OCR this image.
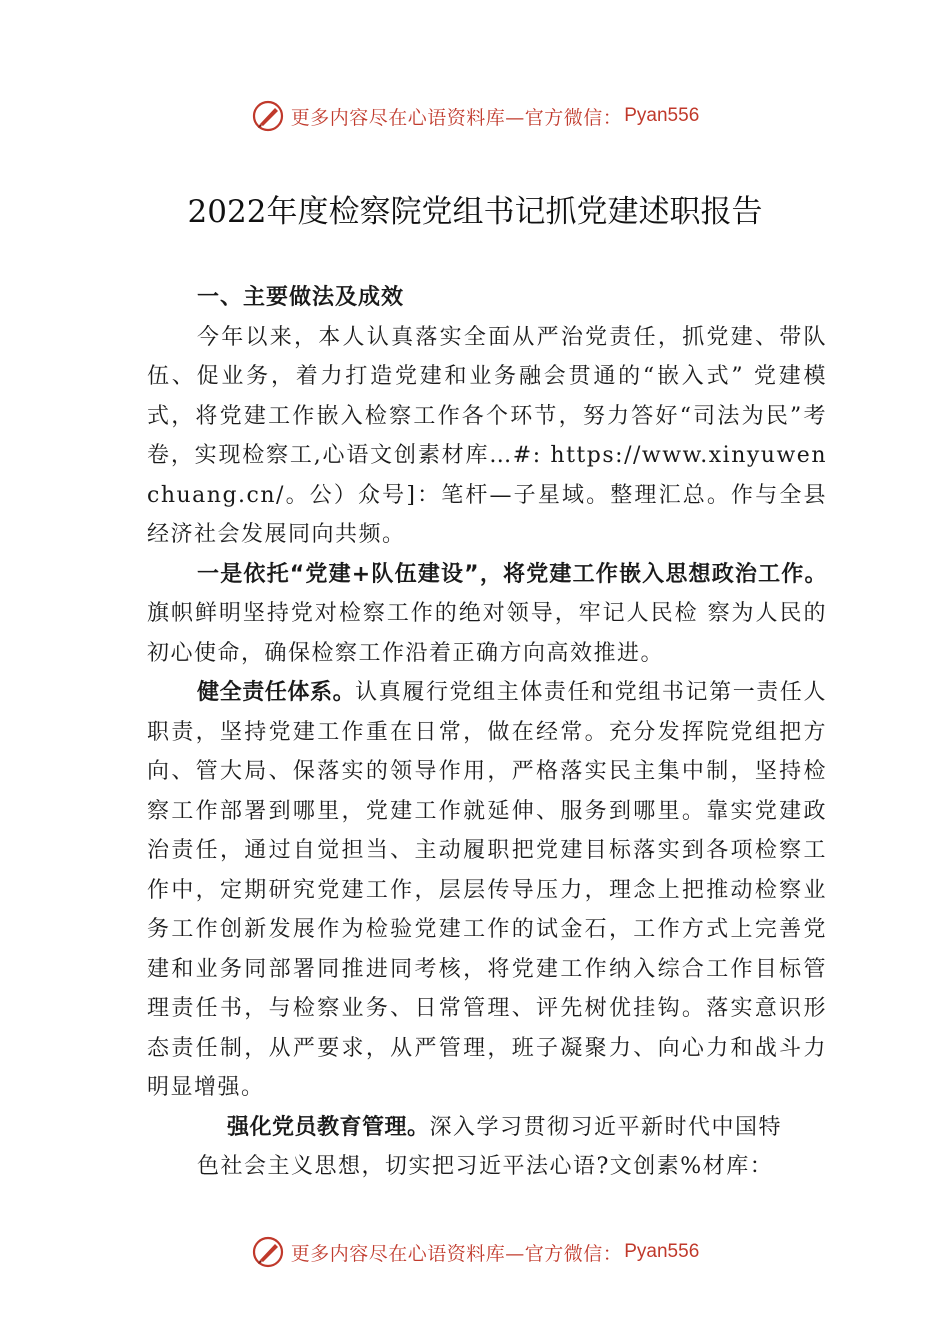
更多内容尽在心语资料库—官方微信： Pyan556
2022年度检察院党组书记抓党建述职报告

一、主要做法及成效

今年以来，本人认真落实全面从严治党责任，抓党建、带队伍、促业务，着力打造党建和业务融会贯通的“嵌入式” 党建模式，将党建工作嵌入检察工作各个环节，努力答好“司法为民”考卷，实现检察工,心语文创素材库…#: https://www.xinyuwenchuang.cn/。公）众号]：笔杆—子星域。整理汇总。作与全县经济社会发展同向共频。

一是依托“党建+队伍建设”，将党建工作嵌入思想政治工作。旗帜鲜明坚持党对检察工作的绝对领导，牢记人民检 察为人民的初心使命，确保检察工作沿着正确方向高效推进。

健全责任体系。认真履行党组主体责任和党组书记第一责任人职责，坚持党建工作重在日常，做在经常。充分发挥院党组把方向、管大局、保落实的领导作用，严格落实民主集中制，坚持检察工作部署到哪里，党建工作就延伸、服务到哪里。靠实党建政治责任，通过自觉担当、主动履职把党建目标落实到各项检察工作中，定期研究党建工作，层层传导压力，理念上把推动检察业务工作创新发展作为检验党建工作的试金石，工作方式上完善党建和业务同部署同推进同考核，将党建工作纳入综合工作目标管理责任书，与检察业务、日常管理、评先树优挂钩。落实意识形态责任制，从严要求，从严管理，班子凝聚力、向心力和战斗力明显增强。

强化党员教育管理。深入学习贯彻习近平新时代中国特

色社会主义思想，切实把习近平法心语?文创素%材库：

更多内容尽在心语资料库—官方微信： Pyan556
